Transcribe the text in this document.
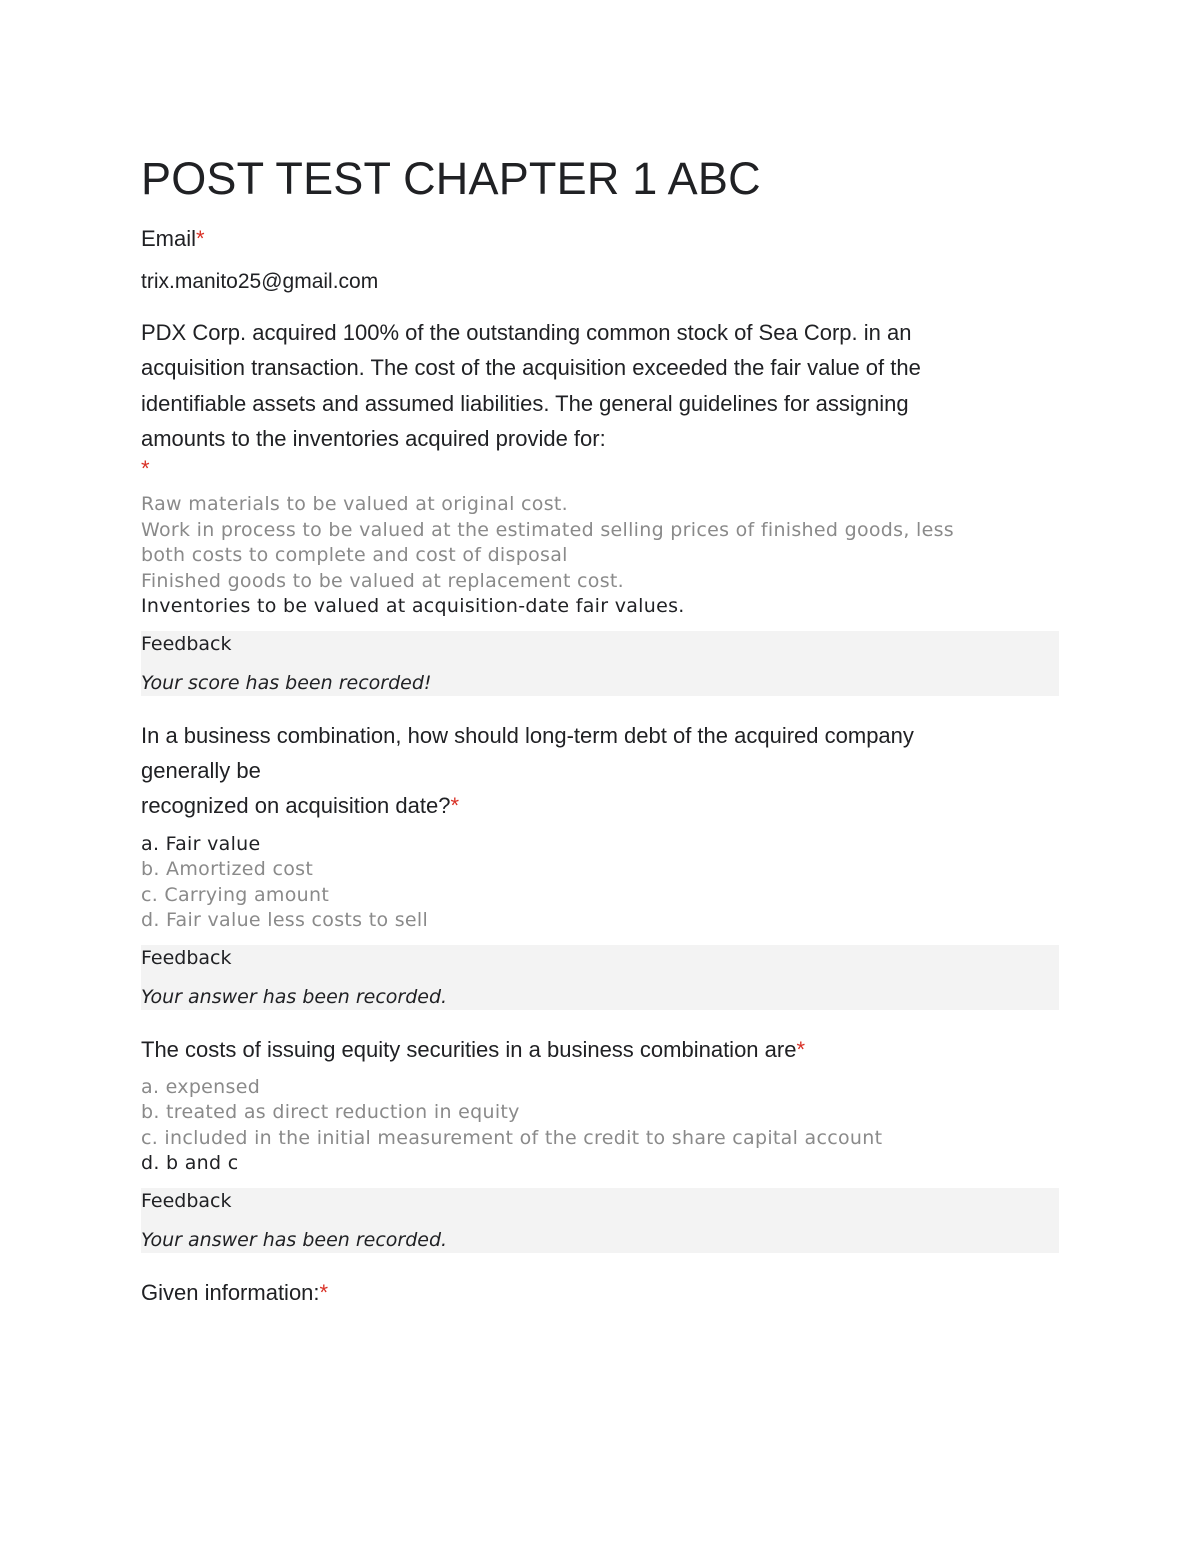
POST TEST CHAPTER 1 ABC
Email*
trix.manito25@gmail.com

PDX Corp. acquired 100% of the outstanding common stock of Sea Corp. in an
acquisition transaction. The cost of the acquisition exceeded the fair value of the
identifiable assets and assumed liabilities. The general guidelines for assigning
amounts to the inventories acquired provide for:

*
Raw materials to be valued at original cost.
Work in process to be valued at the estimated selling prices of finished goods, less
both costs to complete and cost of disposal
Finished goods to be valued at replacement cost.
Inventories to be valued at acquisition-date fair values.
Feedback
Your score has been recorded!

In a business combination, how should long-term debt of the acquired company
generally be
recognized on acquisition date?*

a. Fair value
b. Amortized cost
c. Carrying amount
d. Fair value less costs to sell
Feedback
Your answer has been recorded.

The costs of issuing equity securities in a business combination are*

a. expensed
b. treated as direct reduction in equity
c. included in the initial measurement of the credit to share capital account
d. b and c
Feedback
Your answer has been recorded.

Given information:*
